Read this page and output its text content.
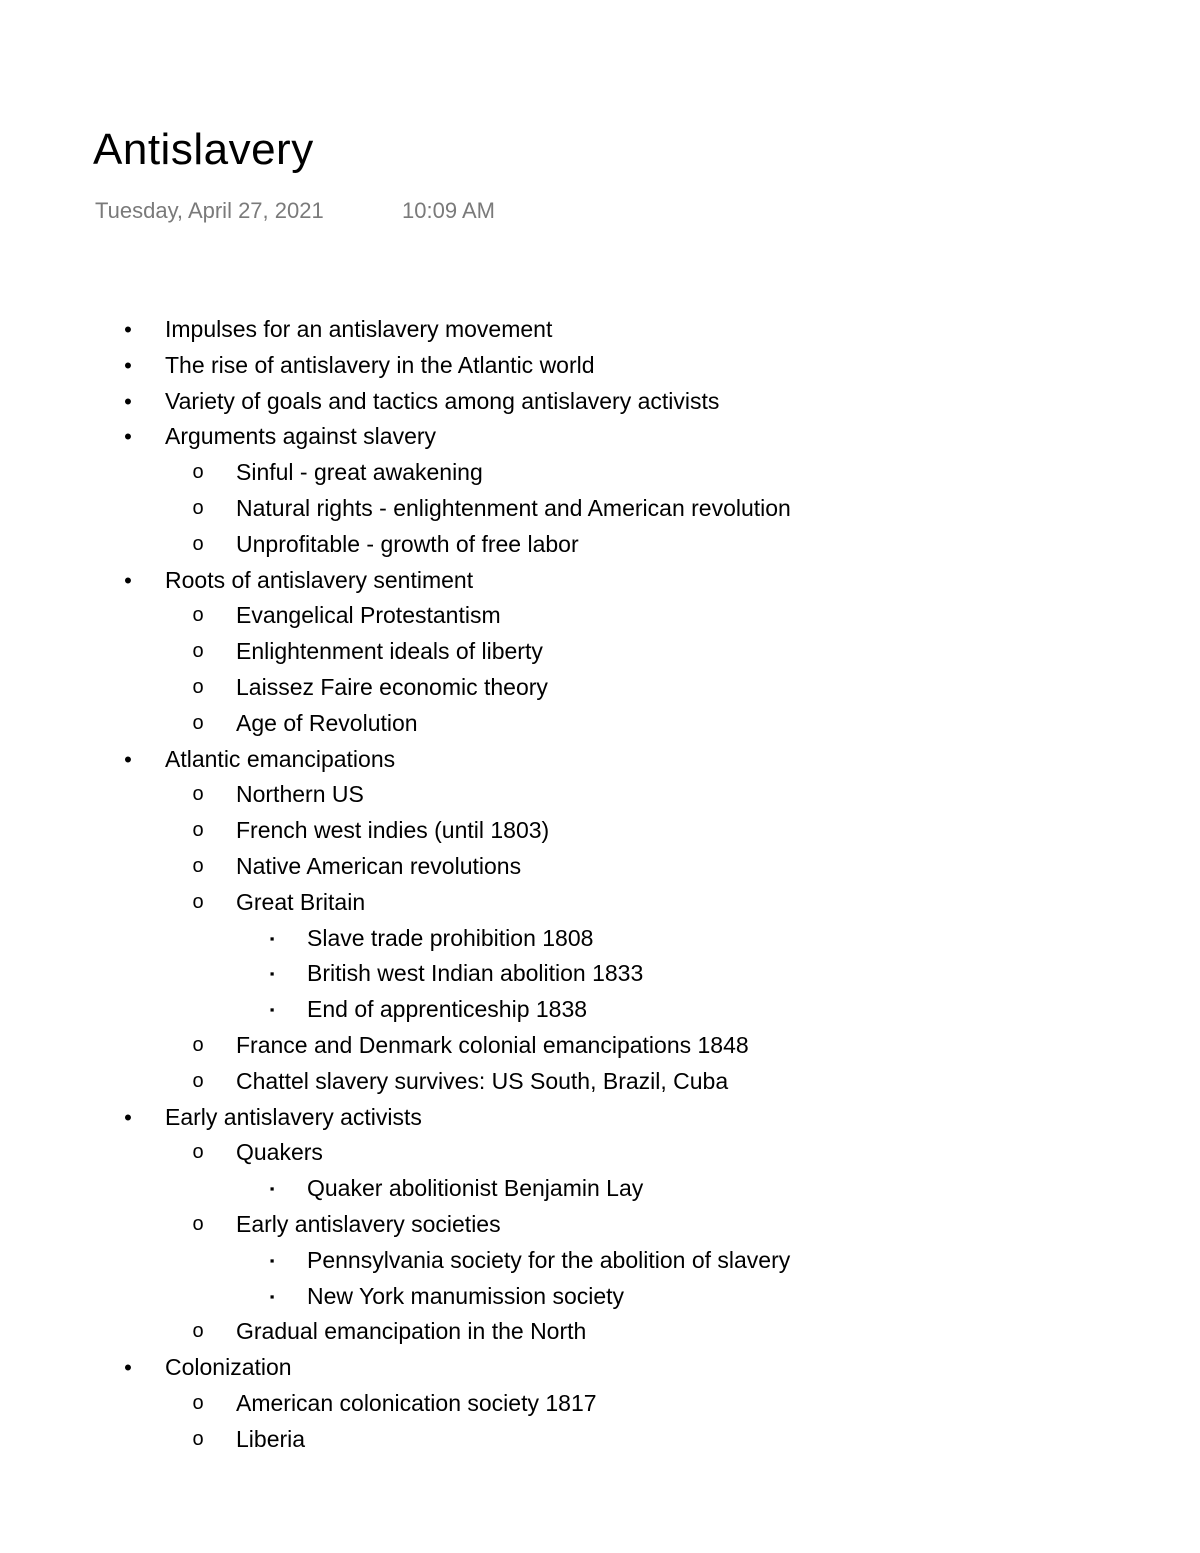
Antislavery
Tuesday, April 27, 2021	10:09 AM
• Impulses for an antislavery movement
• The rise of antislavery in the Atlantic world
• Variety of goals and tactics among antislavery activists
• Arguments against slavery
o Sinful - great awakening
o Natural rights - enlightenment and American revolution
o Unprofitable - growth of free labor
• Roots of antislavery sentiment
o Evangelical Protestantism
o Enlightenment ideals of liberty
o Laissez Faire economic theory
o Age of Revolution
• Atlantic emancipations
o Northern US
o French west indies (until 1803)
o Native American revolutions
o Great Britain
▪	Slave trade prohibition 1808
▪	British west Indian abolition 1833
▪	End of apprenticeship 1838
o France and Denmark colonial emancipations 1848
o Chattel slavery survives: US South, Brazil, Cuba
• Early antislavery activists
o Quakers
▪	Quaker abolitionist Benjamin Lay
o Early antislavery societies
▪	Pennsylvania society for the abolition of slavery
▪	New York manumission society
o Gradual emancipation in the North
• Colonization
o American colonication society 1817
o Liberia
